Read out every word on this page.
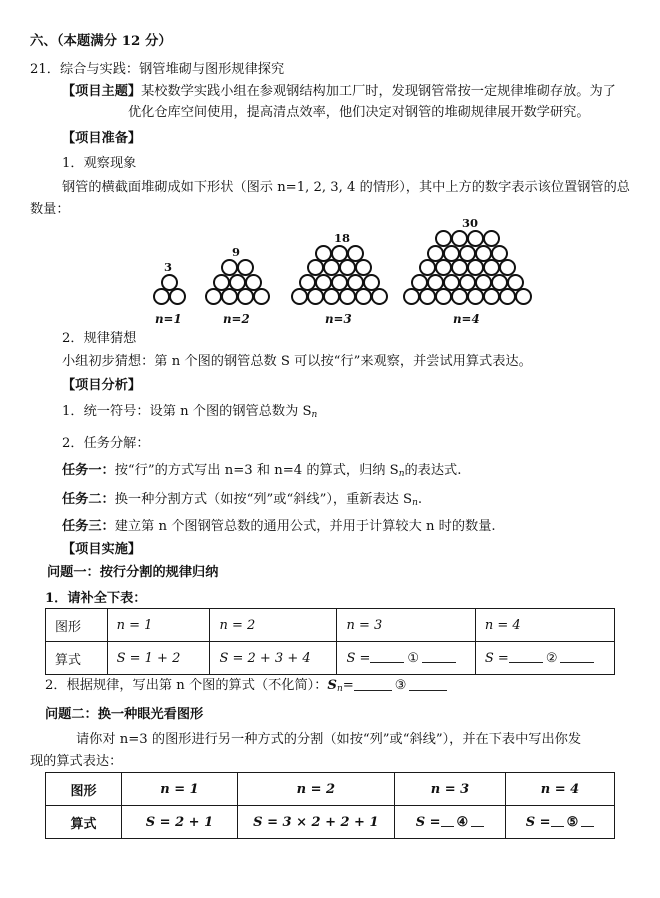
六、（本题满分 12 分）
21．综合与实践：钢管堆砌与图形规律探究
【项目主题】某校数学实践小组在参观钢结构加工厂时，发现钢管常按一定规律堆砌存放。为了
优化仓库空间使用，提高清点效率，他们决定对钢管的堆砌规律展开数学研究。
【项目准备】
1．观察现象
钢管的横截面堆砌成如下形状（图示 n=1, 2, 3, 4 的情形），其中上方的数字表示该位置钢管的总
数量：
3
n=1
9
n=2
18
n=3
30
n=4
2．规律猜想
小组初步猜想：第 n 个图的钢管总数 S 可以按“行”来观察，并尝试用算式表达。
【项目分析】
1．统一符号：设第 n 个图的钢管总数为 $S_n$
2．任务分解：
任务一：按“行”的方式写出 n=3 和 n=4 的算式，归纳 $S_n$的表达式.
任务二：换一种分割方式（如按“列”或“斜线”），重新表达 $S_n$.
任务三：建立第 n 个图钢管总数的通用公式，并用于计算较大 n 时的数量.
【项目实施】
问题一：按行分割的规律归纳
1．请补全下表：
图形	n = 1	n = 2	n = 3	n = 4
算式	S = 1 + 2	S = 2 + 3 + 4	S = ①	S = ②
2．根据规律，写出第 n 个图的算式（不化简）：$S_n=$	③
问题二：换一种眼光看图形
请你对 n=3 的图形进行另一种方式的分割（如按“列”或“斜线”），并在下表中写出你发
现的算式表达：
图形	n = 1	n = 2	n = 3	n = 4
算式	S = 2 + 1	S = 3 × 2 + 2 + 1	S = ④	S = ⑤
